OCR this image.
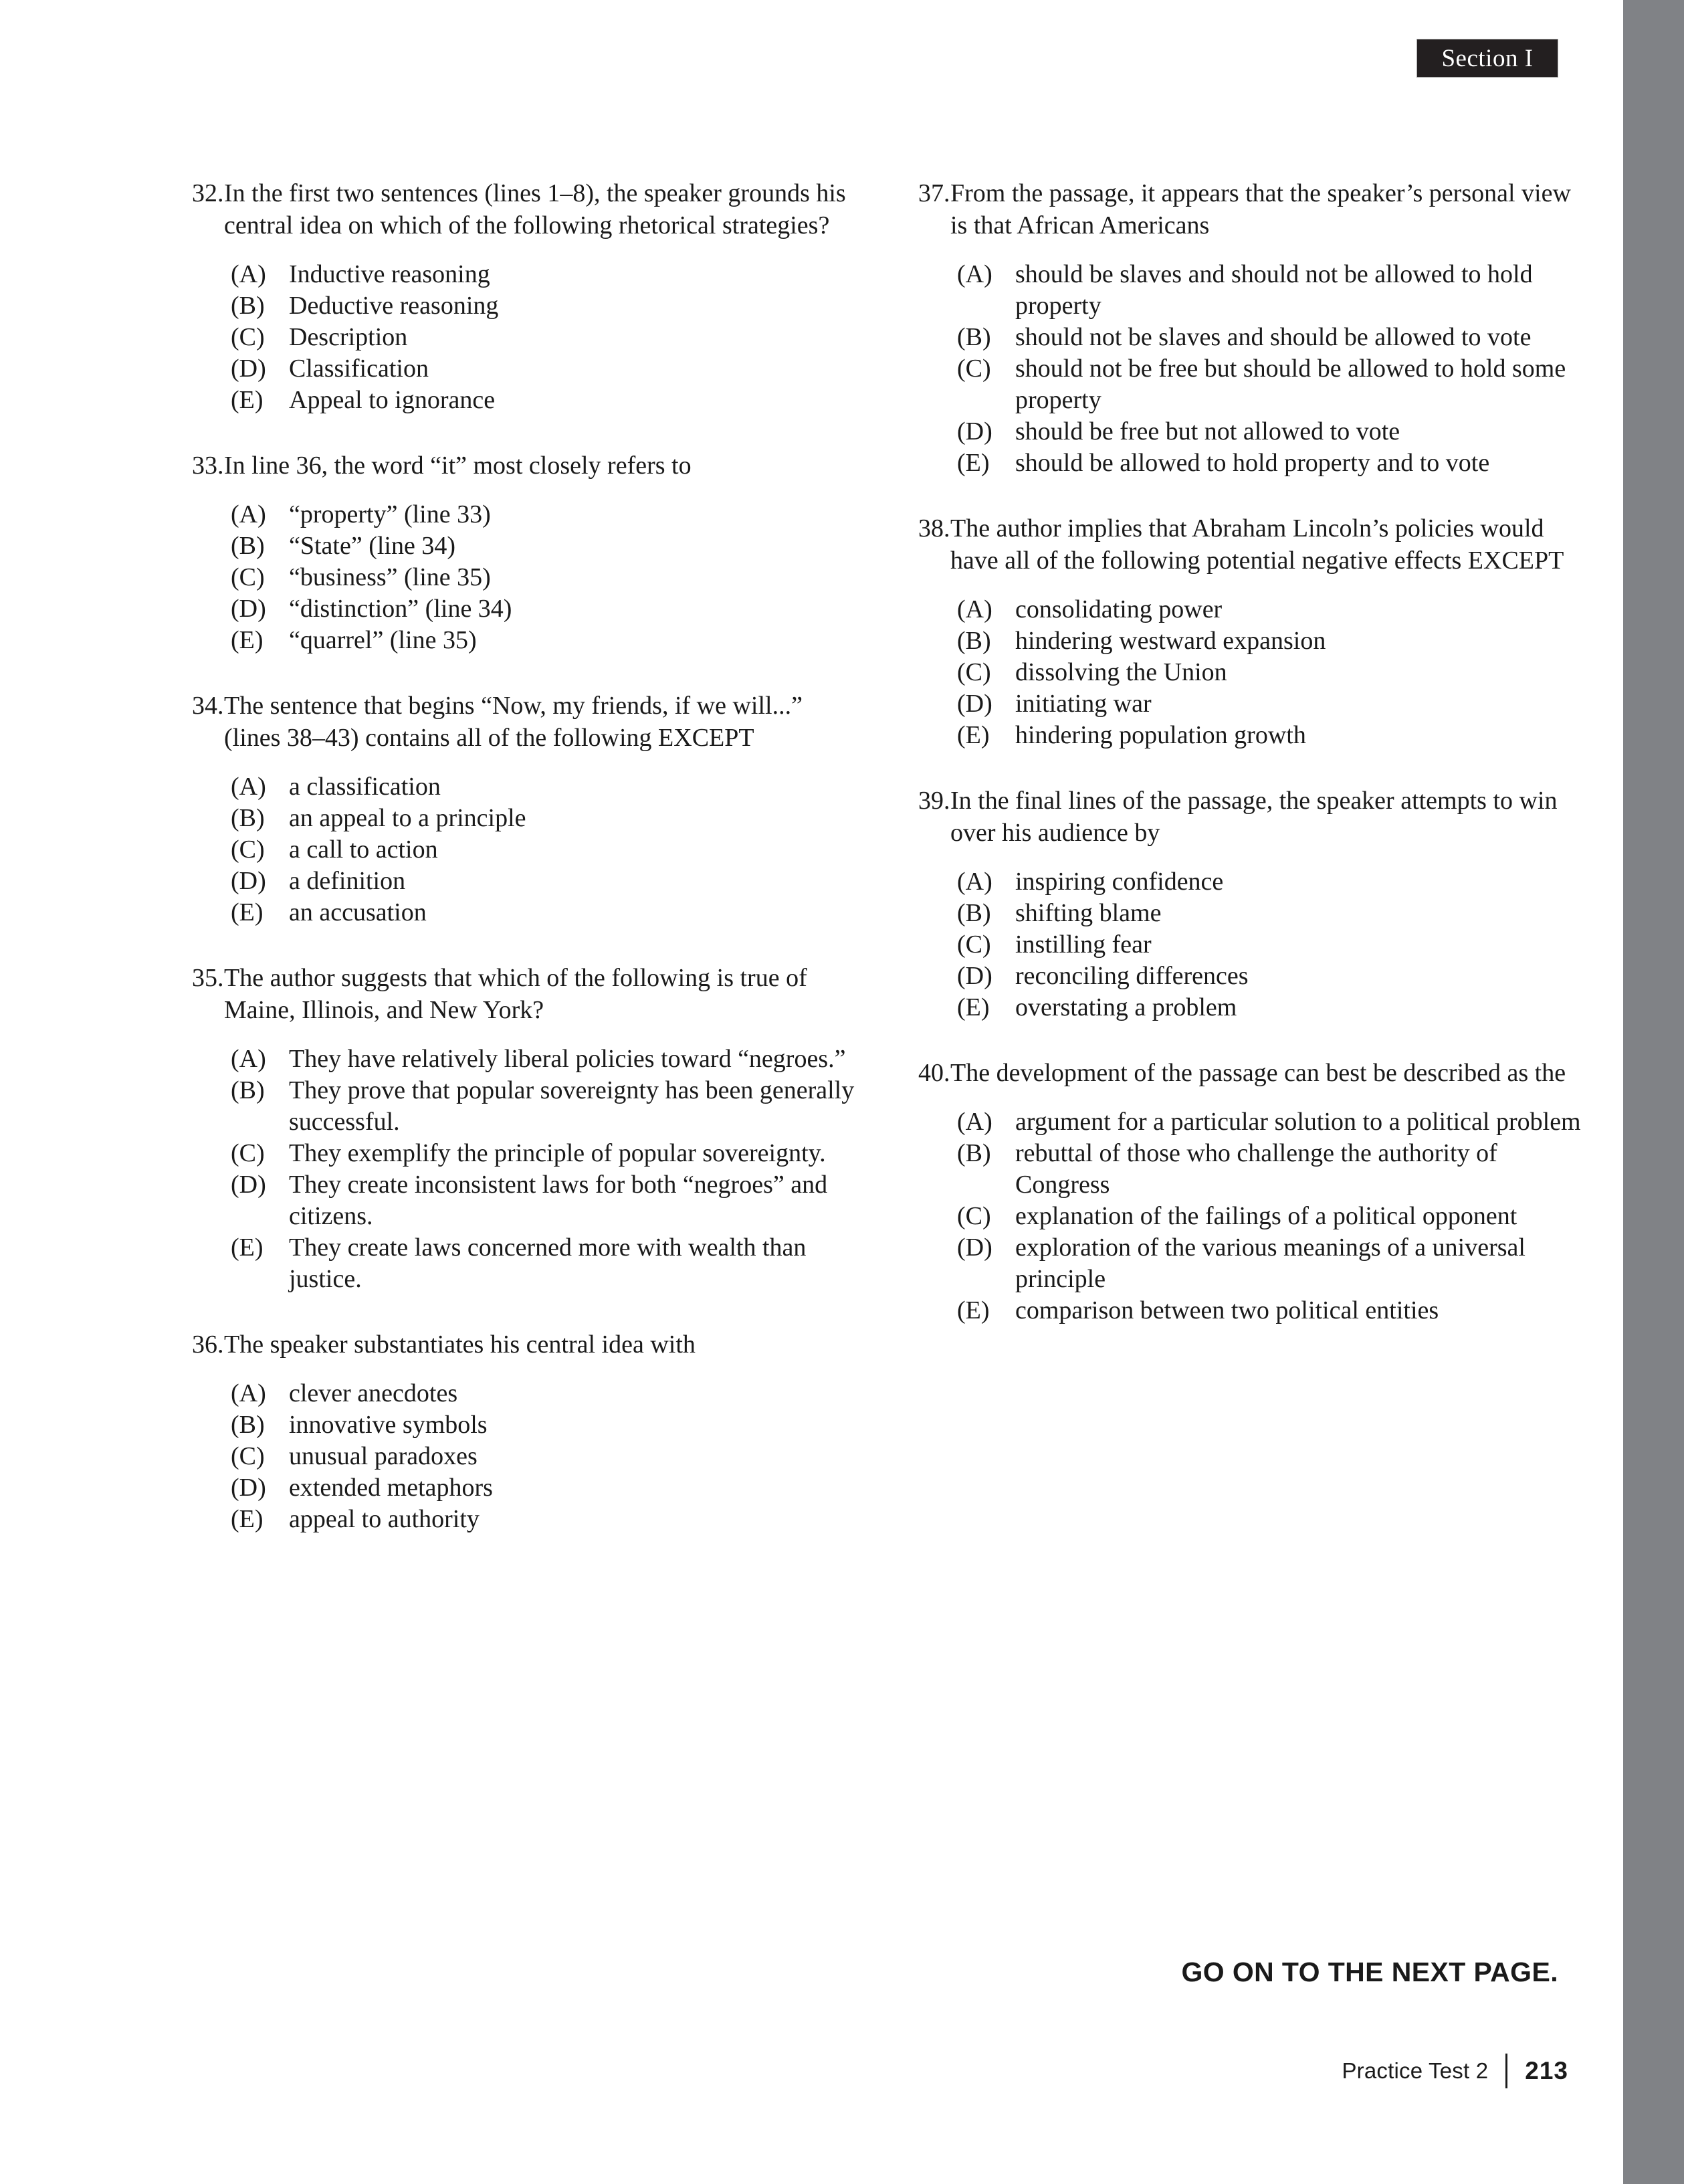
Section I
32. In the first two sentences (lines 1–8), the speaker grounds his central idea on which of the following rhetorical strategies?
(A) Inductive reasoning
(B) Deductive reasoning
(C) Description
(D) Classification
(E)	Appeal to ignorance
33. In line 36, the word “it” most closely refers to
(A) “property” (line 33)
(B) “State” (line 34)
(C) “business” (line 35)
(D) “distinction” (line 34)
(E)	“quarrel” (line 35)
34. The sentence that begins “Now, my friends, if we will...” (lines 38–43) contains all of the following EXCEPT
(A) a classification
(B) an appeal to a principle
(C) a call to action
(D) a definition
(E)	an accusation
35. The author suggests that which of the following is true of Maine, Illinois, and New York?
(A) They have relatively liberal policies toward “negroes.”
(B) They prove that popular sovereignty has been generally successful.
(C) They exemplify the principle of popular sovereignty.
(D) They create inconsistent laws for both “negroes” and citizens.
(E)	They create laws concerned more with wealth than justice.
36. The speaker substantiates his central idea with
(A) clever anecdotes
(B) innovative symbols
(C) unusual paradoxes
(D) extended metaphors
(E)	appeal to authority
37. From the passage, it appears that the speaker’s personal view is that African Americans
(A) should be slaves and should not be allowed to hold property
(B) should not be slaves and should be allowed to vote
(C) should not be free but should be allowed to hold some property
(D) should be free but not allowed to vote
(E)	should be allowed to hold property and to vote
38. The author implies that Abraham Lincoln’s policies would have all of the following potential negative effects EXCEPT
(A) consolidating power
(B) hindering westward expansion
(C) dissolving the Union
(D) initiating war
(E)	hindering population growth
39. In the final lines of the passage, the speaker attempts to win over his audience by
(A) inspiring confidence
(B) shifting blame
(C) instilling fear
(D) reconciling differences
(E)	overstating a problem
40. The development of the passage can best be described as the
(A) argument for a particular solution to a political problem
(B) rebuttal of those who challenge the authority of Congress
(C) explanation of the failings of a political opponent
(D) exploration of the various meanings of a universal principle
(E)	comparison between two political entities
GO ON TO THE NEXT PAGE.
Practice Test 2 213
